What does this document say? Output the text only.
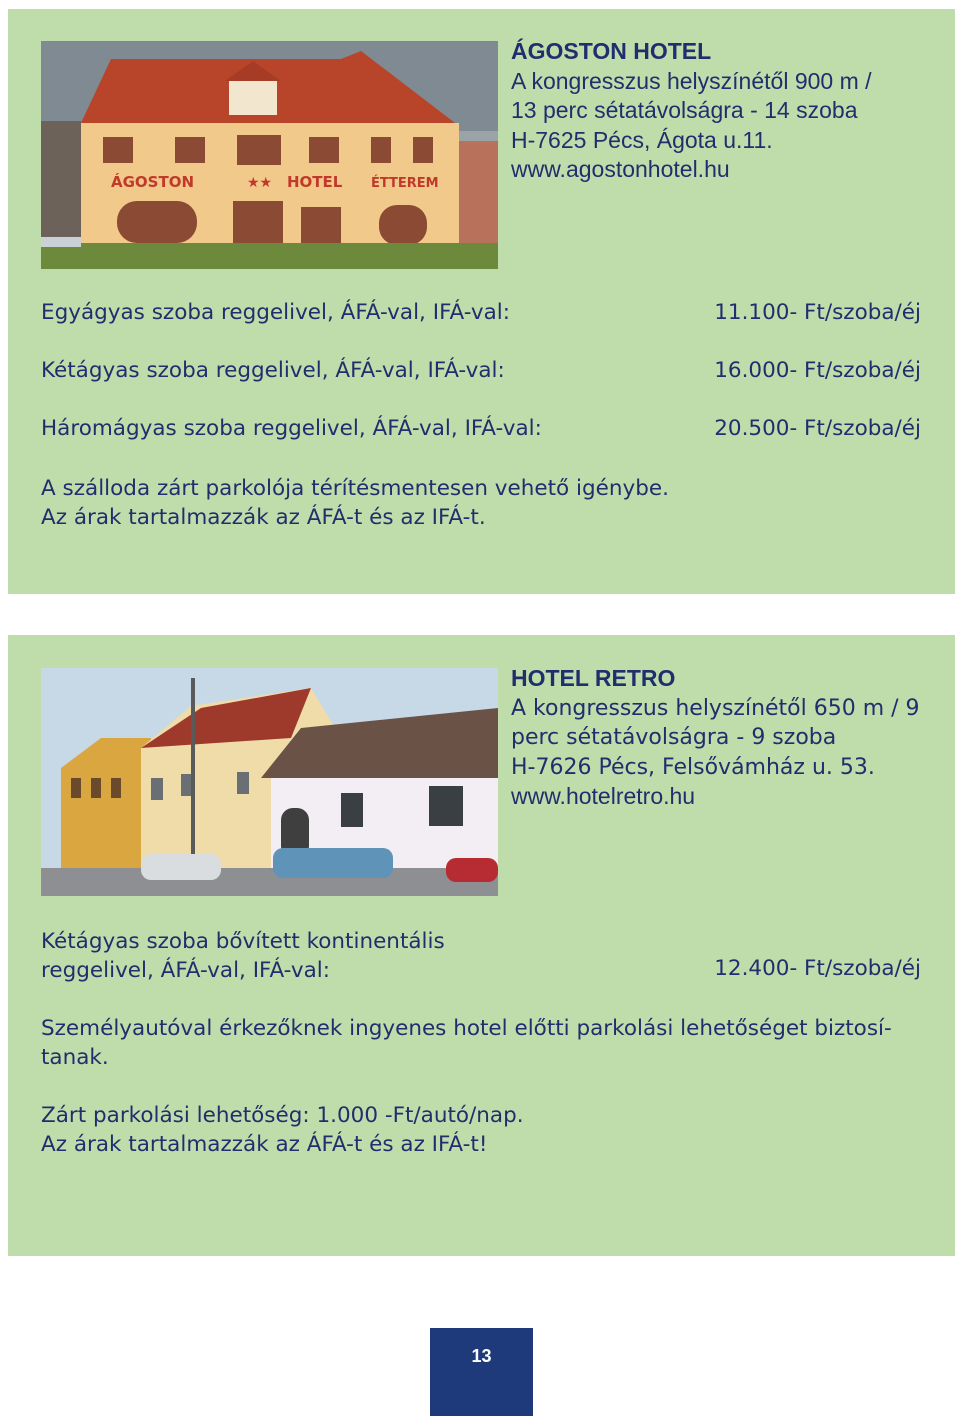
ÁGOSTON	★★ HOTEL ÉTTEREM
ÁGOSTON HOTEL
A kongresszus helyszínétől 900 m /
13 perc sétatávolságra - 14 szoba
H-7625 Pécs, Ágota u.11.
www.agostonhotel.hu
Egyágyas szoba reggelivel, ÁFÁ-val, IFÁ-val:	11.100- Ft/szoba/éj
Kétágyas szoba reggelivel, ÁFÁ-val, IFÁ-val:	16.000- Ft/szoba/éj
Háromágyas szoba reggelivel, ÁFÁ-val, IFÁ-val:	20.500- Ft/szoba/éj
A szálloda zárt parkolója térítésmentesen vehető igénybe.
Az árak tartalmazzák az ÁFÁ-t és az IFÁ-t.
HOTEL RETRO
A kongresszus helyszínétől 650 m / 9
perc sétatávolságra - 9 szoba
H-7626 Pécs, Felsővámház u. 53.
www.hotelretro.hu
Kétágyas szoba bővített kontinentális
reggelivel, ÁFÁ-val, IFÁ-val:	12.400- Ft/szoba/éj
Személyautóval érkezőknek ingyenes hotel előtti parkolási lehetőséget biztosí-
tanak.
Zárt parkolási lehetőség: 1.000 -Ft/autó/nap.
Az árak tartalmazzák az ÁFÁ-t és az IFÁ-t!
13
